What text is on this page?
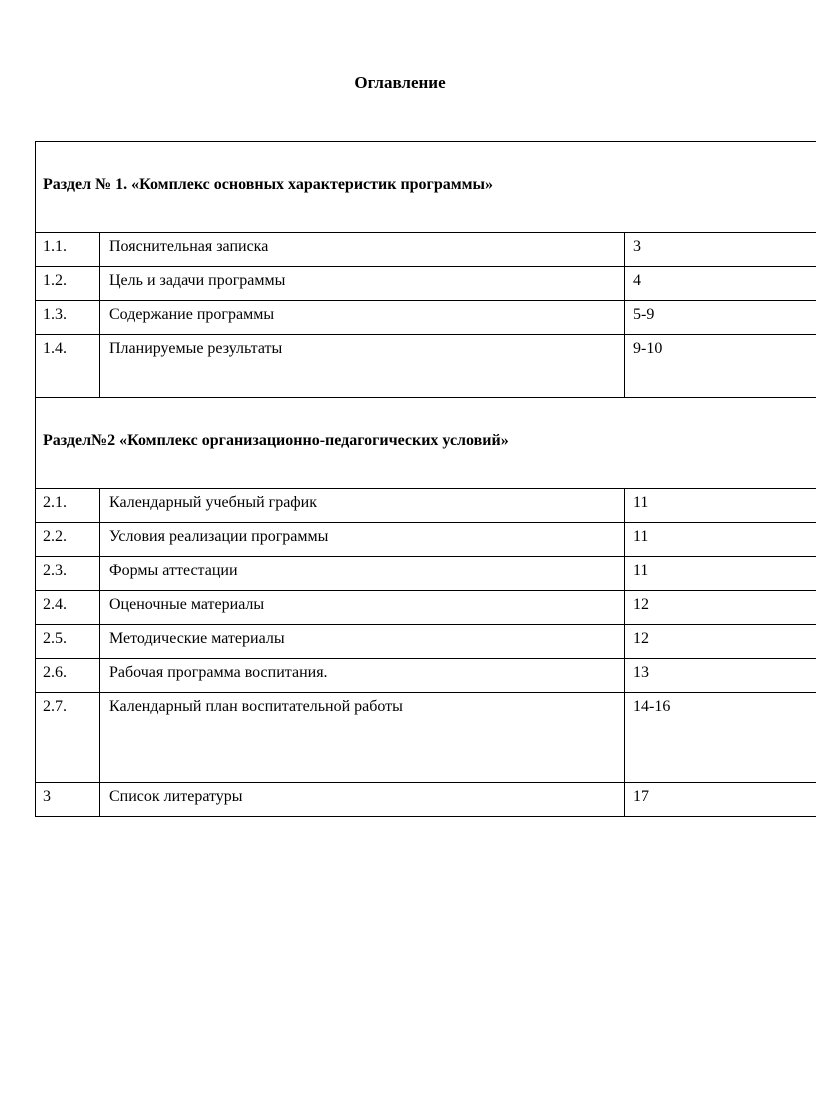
Оглавление
Раздел № 1. «Комплекс основных характеристик программы»		

1.1.	Пояснительная записка	3
1.2.	Цель и задачи программы	4
1.3.	Содержание программы	5-9
1.4.	Планируемые результаты	9-10

Раздел№2 «Комплекс организационно-педагогических условий»		

2.1.	Календарный учебный график	11
2.2.	Условия реализации программы	11
2.3.	Формы аттестации	11
2.4.	Оценочные материалы	12
2.5.	Методические материалы	12
2.6.	Рабочая программа воспитания.	13
2.7.	Календарный план воспитательной работы	14-16
3	Список литературы	17
